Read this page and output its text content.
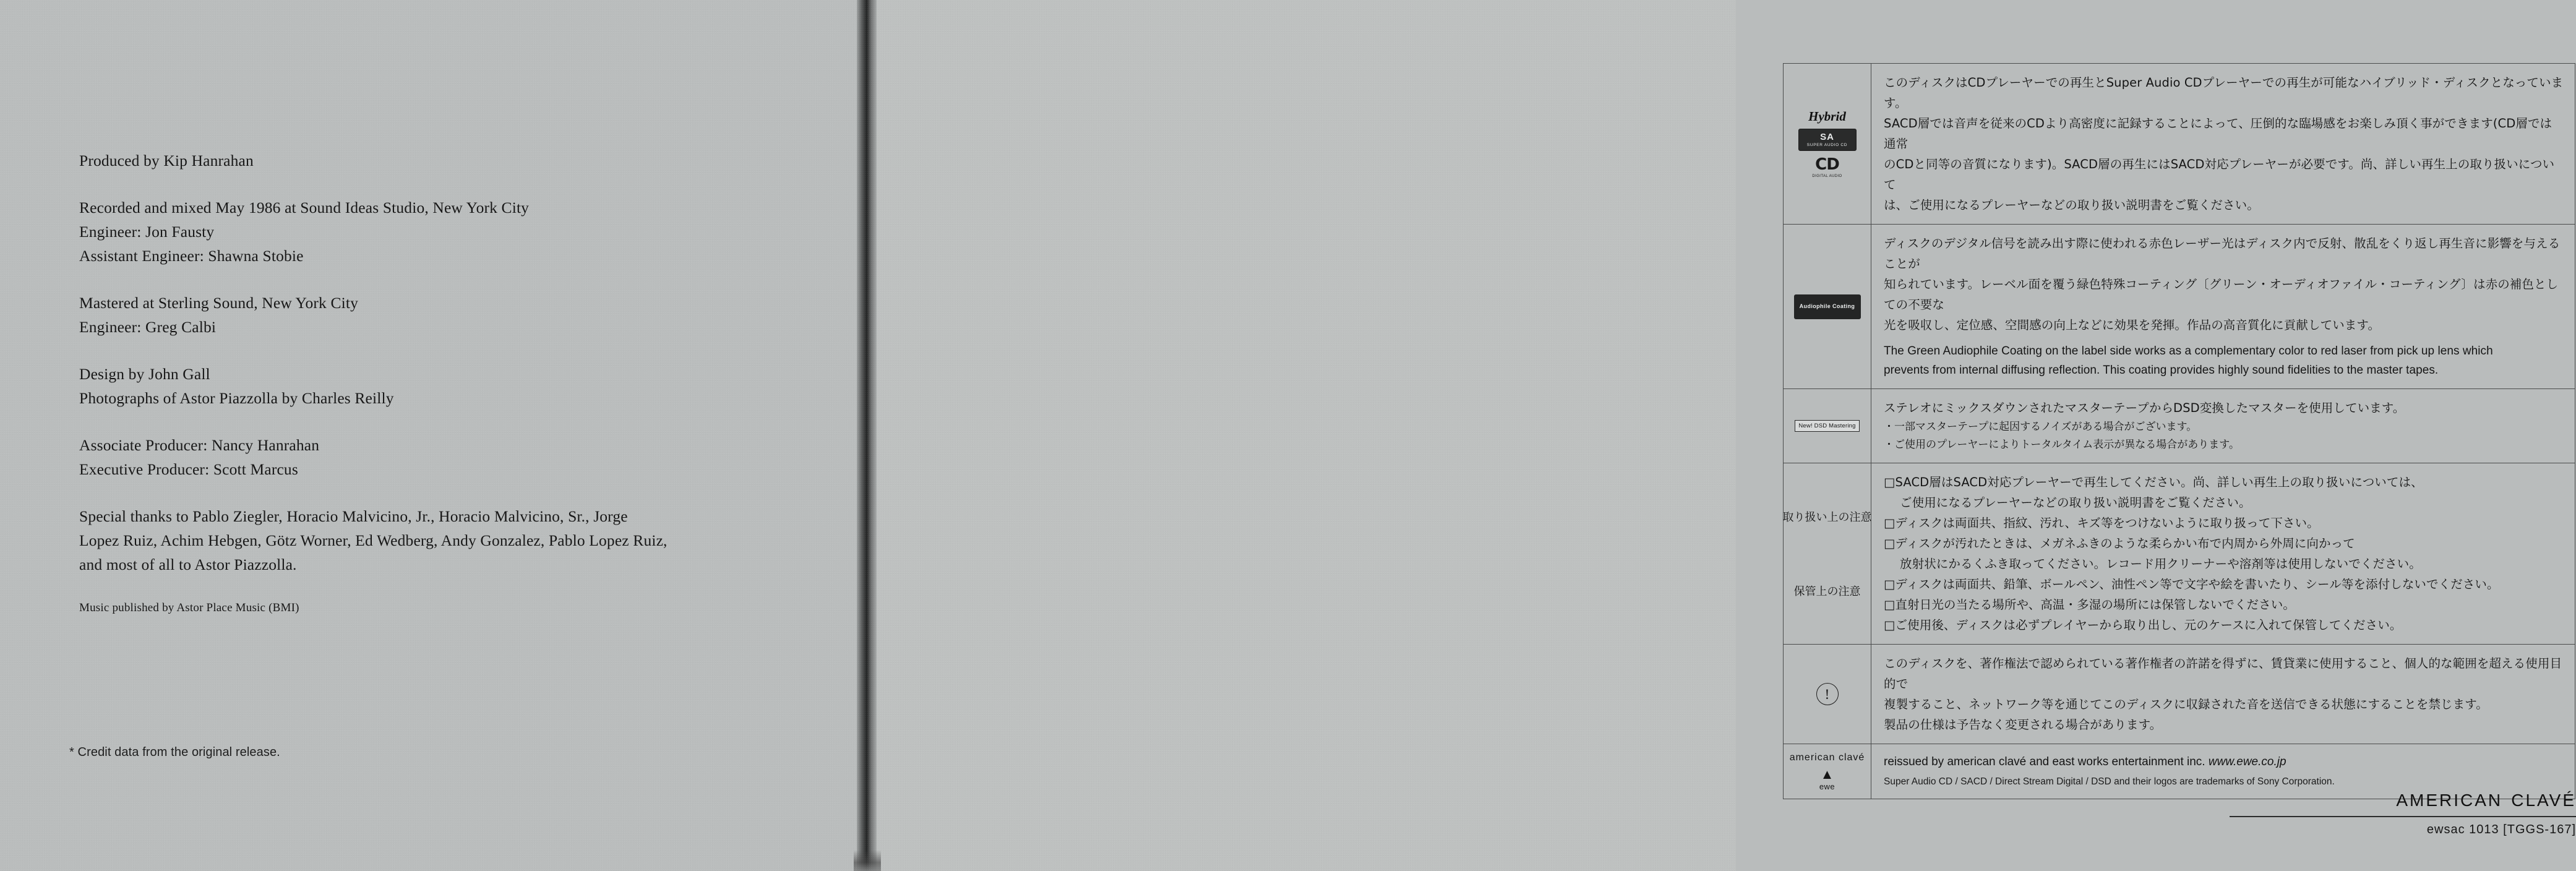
Produced by Kip Hanrahan
Recorded and mixed May 1986 at Sound Ideas Studio, New York City
Engineer: Jon Fausty
Assistant Engineer: Shawna Stobie
Mastered at Sterling Sound, New York City
Engineer: Greg Calbi
Design by John Gall
Photographs of Astor Piazzolla by Charles Reilly
Associate Producer: Nancy Hanrahan
Executive Producer: Scott Marcus
Special thanks to Pablo Ziegler, Horacio Malvicino, Jr., Horacio Malvicino, Sr., Jorge
Lopez Ruiz, Achim Hebgen, Götz Worner, Ed Wedberg, Andy Gonzalez, Pablo Lopez Ruiz,
and most of all to Astor Piazzolla.
Music published by Astor Place Music (BMI)
* Credit data from the original release.
Hybrid
SA
SUPER AUDIO CD
CD
DIGITAL AUDIO
このディスクはCDプレーヤーでの再生とSuper Audio CDプレーヤーでの再生が可能なハイブリッド・ディスクとなっています。
SACD層では音声を従来のCDより高密度に記録することによって、圧倒的な臨場感をお楽しみ頂く事ができます(CD層では通常
のCDと同等の音質になります)。SACD層の再生にはSACD対応プレーヤーが必要です。尚、詳しい再生上の取り扱いについて
は、ご使用になるプレーヤーなどの取り扱い説明書をご覧ください。
Audiophile Coating
ディスクのデジタル信号を読み出す際に使われる赤色レーザー光はディスク内で反射、散乱をくり返し再生音に影響を与えることが
知られています。レーベル面を覆う緑色特殊コーティング〔グリーン・オーディオファイル・コーティング〕は赤の補色としての不要な
光を吸収し、定位感、空間感の向上などに効果を発揮。作品の高音質化に貢献しています。
The Green Audiophile Coating on the label side works as a complementary color to red laser from pick up lens which
prevents from internal diffusing reflection. This coating provides highly sound fidelities to the master tapes.
New! DSD Mastering
ステレオにミックスダウンされたマスターテープからDSD変換したマスターを使用しています。
・一部マスターテープに起因するノイズがある場合がございます。
・ご使用のプレーヤーによりトータルタイム表示が異なる場合があります。
取り扱い上の注意
保管上の注意
□SACD層はSACD対応プレーヤーで再生してください。尚、詳しい再生上の取り扱いについては、
ご使用になるプレーヤーなどの取り扱い説明書をご覧ください。
□ディスクは両面共、指紋、汚れ、キズ等をつけないように取り扱って下さい。
□ディスクが汚れたときは、メガネふきのような柔らかい布で内周から外周に向かって
放射状にかるくふき取ってください。レコード用クリーナーや溶剤等は使用しないでください。
□ディスクは両面共、鉛筆、ボールペン、油性ペン等で文字や絵を書いたり、シール等を添付しないでください。
□直射日光の当たる場所や、高温・多湿の場所には保管しないでください。
□ご使用後、ディスクは必ずプレイヤーから取り出し、元のケースに入れて保管してください。
!
このディスクを、著作権法で認められている著作権者の許諾を得ずに、賃貸業に使用すること、個人的な範囲を超える使用目的で
複製すること、ネットワーク等を通じてこのディスクに収録された音を送信できる状態にすることを禁じます。
製品の仕様は予告なく変更される場合があります。
american clavé
▲
ewe
reissued by american clavé and east works entertainment inc. www.ewe.co.jp
Super Audio CD / SACD / Direct Stream Digital / DSD and their logos are trademarks of Sony Corporation.
american clavé
ewsac 1013 [TGGS-167]
